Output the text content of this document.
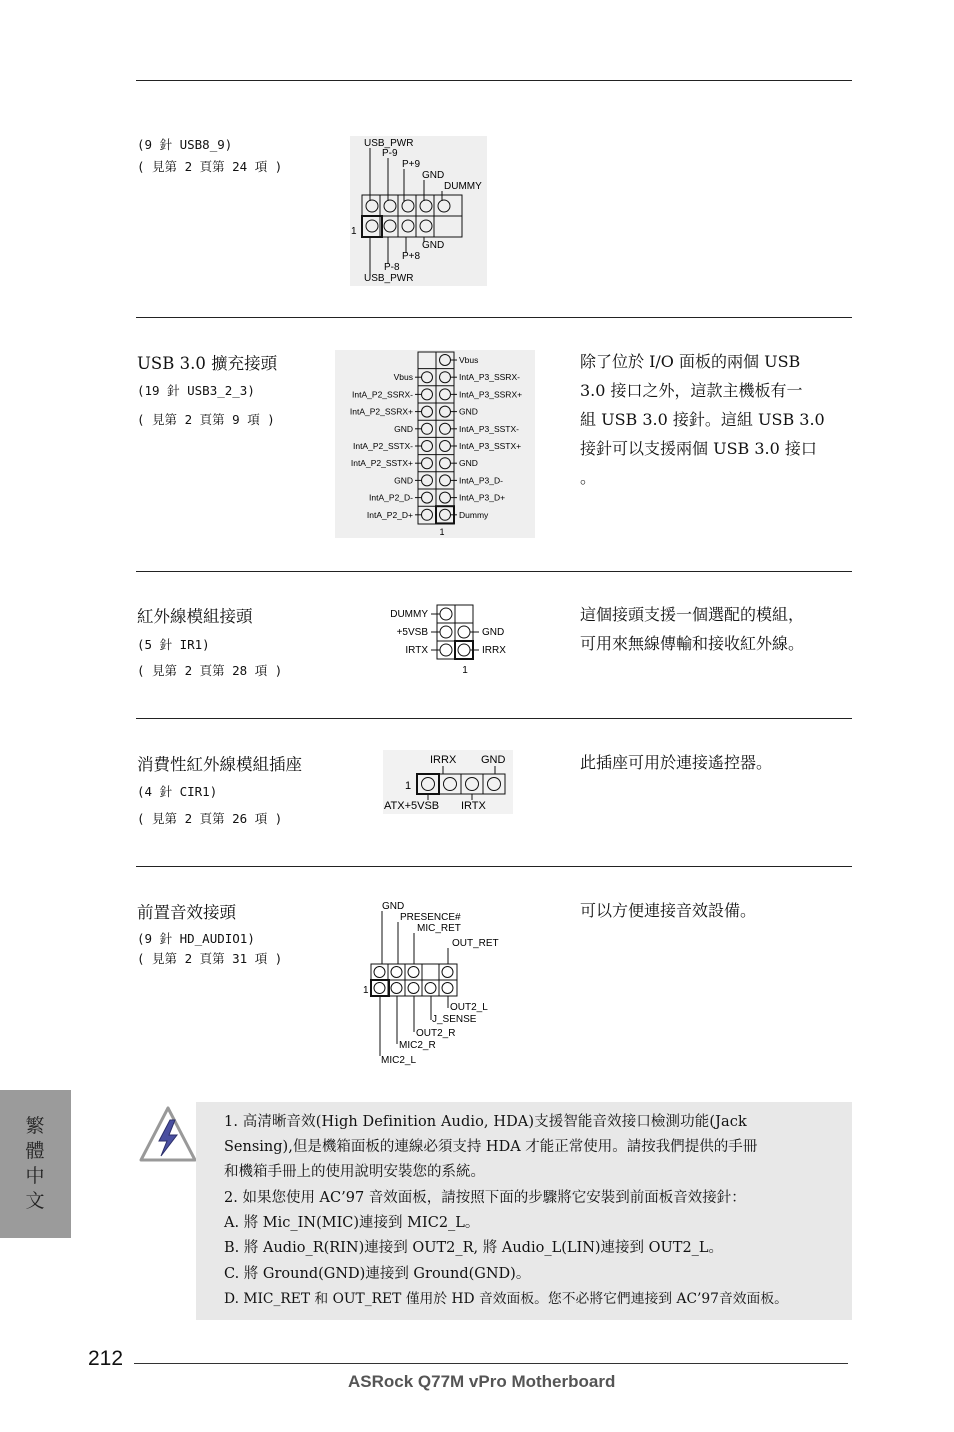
(9 針 USB8_9)
( 見第 2 頁第 24 項 )
USB_PWR
P-9
P+9
GND
DUMMY
1
GND
P+8
P-8
USB_PWR
USB 3.0 擴充接頭
(19 針 USB3_2_3)
( 見第 2 頁第 9 項 )
Vbus
IntA_P3_SSRX-
IntA_P3_SSRX+
GND
IntA_P3_SSTX-
IntA_P3_SSTX+
GND
IntA_P3_D-
IntA_P3_D+
Dummy
Vbus
IntA_P2_SSRX-
IntA_P2_SSRX+
GND
IntA_P2_SSTX-
IntA_P2_SSTX+
GND
IntA_P2_D-
IntA_P2_D+
1
除了位於 I/O 面板的兩個 USB
3.0 接口之外，這款主機板有一
組 USB 3.0 接針。這組 USB 3.0
接針可以支援兩個 USB 3.0 接口
。
紅外線模組接頭
(5 針 IR1)
( 見第 2 頁第 28 項 )
DUMMY
+5VSB
IRTX
GND
IRRX
1
這個接頭支援一個選配的模組，
可用來無線傳輸和接收紅外線。
消費性紅外線模組插座
(4 針 CIR1)
( 見第 2 頁第 26 項 )
IRRX GND
1
ATX+5VSB IRTX
此插座可用於連接遙控器。
前置音效接頭
(9 針 HD_AUDIO1)
( 見第 2 頁第 31 項 )
GND
PRESENCE#
MIC_RET
OUT_RET
1
OUT2_L
J_SENSE
OUT2_R
MIC2_R
MIC2_L
可以方便連接音效設備。
繁
體
中
文
1. 高清晰音效(High Definition Audio, HDA)支援智能音效接口檢測功能(Jack
Sensing),但是機箱面板的連線必須支持 HDA 才能正常使用。請按我們提供的手冊
和機箱手冊上的使用說明安裝您的系統。
2. 如果您使用 AC’97 音效面板，請按照下面的步驟將它安裝到前面板音效接針：
A. 將 Mic_IN(MIC)連接到 MIC2_L。
B. 將 Audio_R(RIN)連接到 OUT2_R, 將 Audio_L(LIN)連接到 OUT2_L。
C. 將 Ground(GND)連接到 Ground(GND)。
D. MIC_RET 和 OUT_RET 僅用於 HD 音效面板。您不必將它們連接到 AC’97音效面板。
212
ASRock Q77M vPro Motherboard
